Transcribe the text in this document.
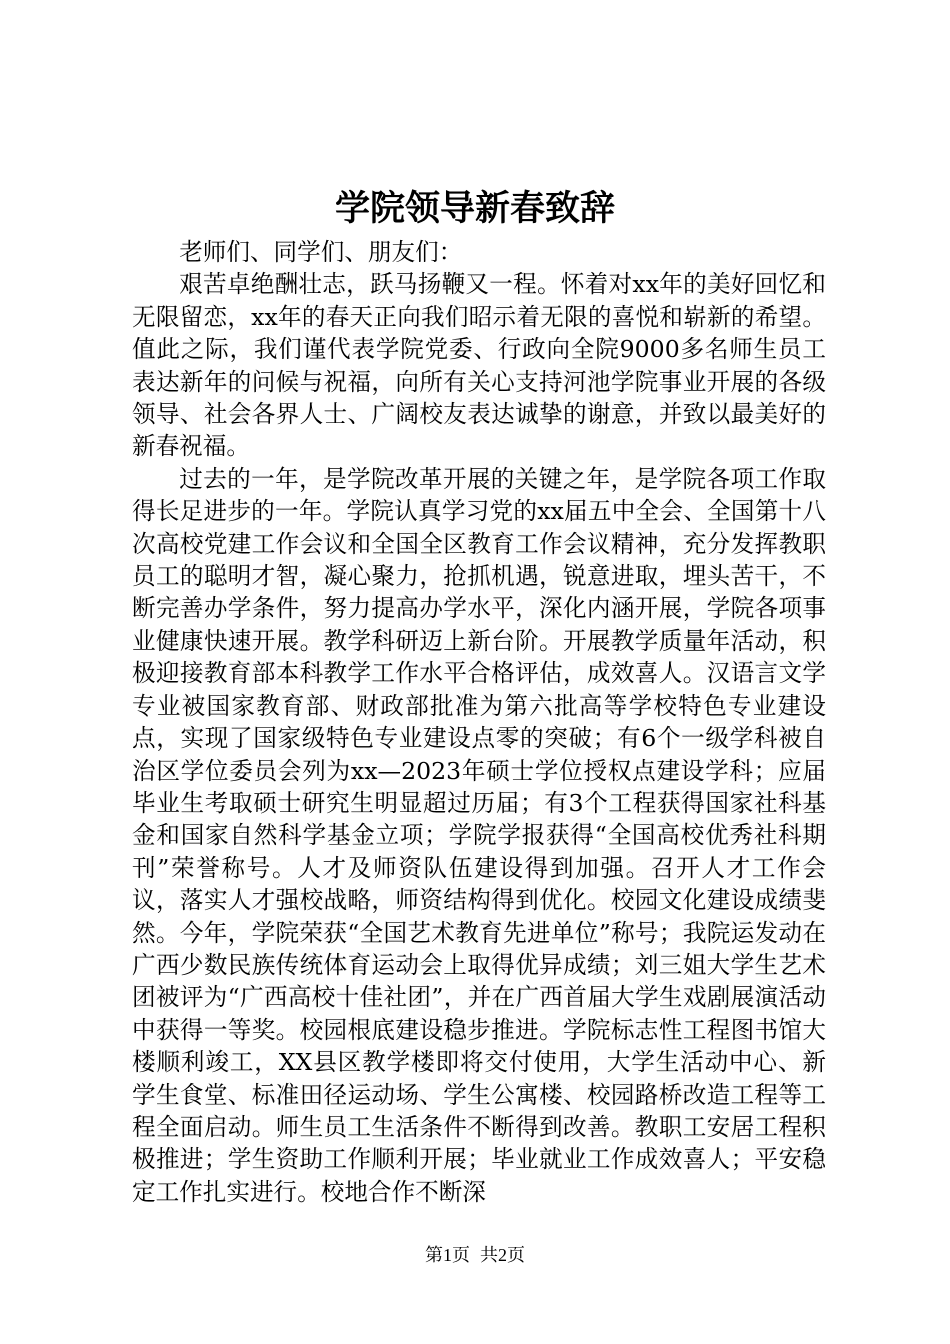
学院领导新春致辞

老师们、同学们、朋友们：

艰苦卓绝酬壮志，跃马扬鞭又一程。怀着对xx年的美好回忆和无限留恋，xx年的春天正向我们昭示着无限的喜悦和崭新的希望。值此之际，我们谨代表学院党委、行政向全院9000多名师生员工表达新年的问候与祝福，向所有关心支持河池学院事业开展的各级领导、社会各界人士、广阔校友表达诚挚的谢意，并致以最美好的新春祝福。

过去的一年，是学院改革开展的关键之年，是学院各项工作取得长足进步的一年。学院认真学习党的xx届五中全会、全国第十八次高校党建工作会议和全国全区教育工作会议精神，充分发挥教职员工的聪明才智，凝心聚力，抢抓机遇，锐意进取，埋头苦干，不断完善办学条件，努力提高办学水平，深化内涵开展，学院各项事业健康快速开展。教学科研迈上新台阶。开展教学质量年活动，积极迎接教育部本科教学工作水平合格评估，成效喜人。汉语言文学专业被国家教育部、财政部批准为第六批高等学校特色专业建设点，实现了国家级特色专业建设点零的突破；有6个一级学科被自治区学位委员会列为xx—2023年硕士学位授权点建设学科；应届毕业生考取硕士研究生明显超过历届；有3个工程获得国家社科基金和国家自然科学基金立项；学院学报获得“全国高校优秀社科期刊”荣誉称号。人才及师资队伍建设得到加强。召开人才工作会议，落实人才强校战略，师资结构得到优化。校园文化建设成绩斐然。今年，学院荣获“全国艺术教育先进单位”称号；我院运发动在广西少数民族传统体育运动会上取得优异成绩；刘三姐大学生艺术团被评为“广西高校十佳社团”，并在广西首届大学生戏剧展演活动中获得一等奖。校园根底建设稳步推进。学院标志性工程图书馆大楼顺利竣工，XX县区教学楼即将交付使用，大学生活动中心、新学生食堂、标准田径运动场、学生公寓楼、校园路桥改造工程等工程全面启动。师生员工生活条件不断得到改善。教职工安居工程积极推进；学生资助工作顺利开展；毕业就业工作成效喜人；平安稳定工作扎实进行。校地合作不断深

第1页 共2页
